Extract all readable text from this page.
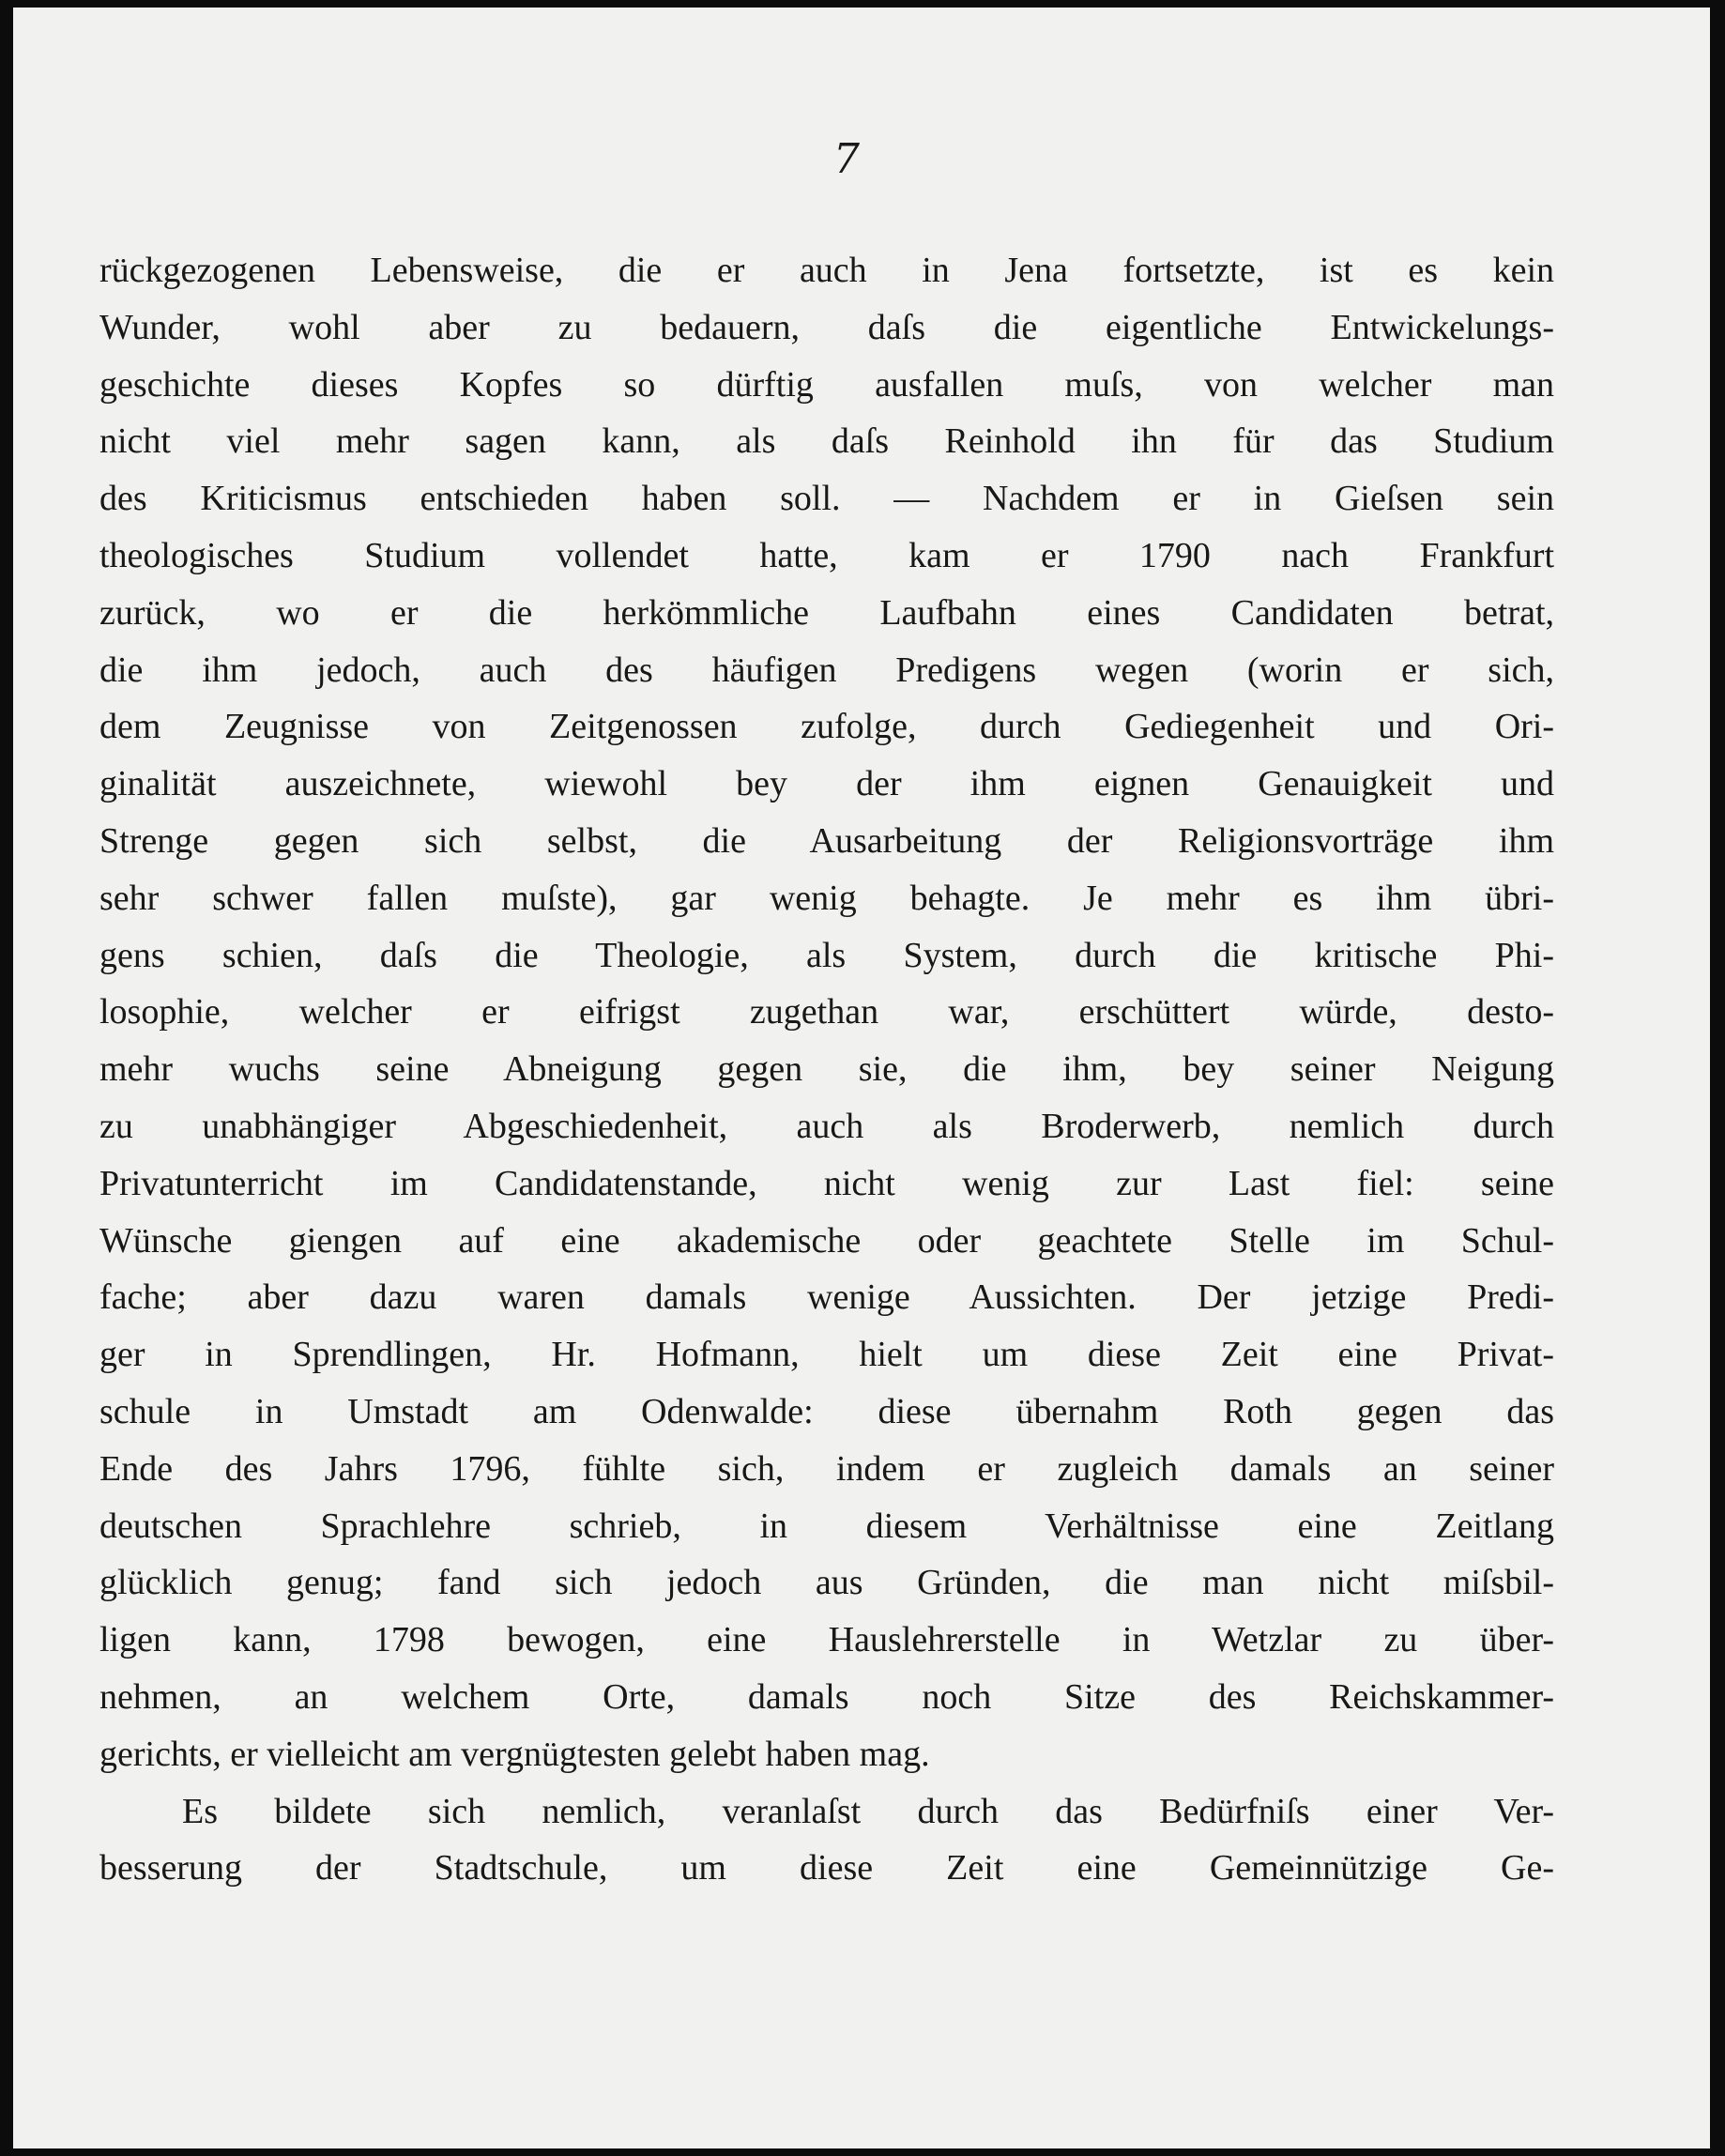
7
rückgezogenen Lebensweise, die er auch in Jena fortsetzte, ist es kein
Wunder, wohl aber zu bedauern, daſs die eigentliche Entwickelungs-
geschichte dieses Kopfes so dürftig ausfallen muſs, von welcher man
nicht viel mehr sagen kann, als daſs Reinhold ihn für das Studium
des Kriticismus entschieden haben soll. — Nachdem er in Gieſsen sein
theologisches Studium vollendet hatte, kam er 1790 nach Frankfurt
zurück, wo er die herkömmliche Laufbahn eines Candidaten betrat,
die ihm jedoch, auch des häufigen Predigens wegen (worin er sich,
dem Zeugnisse von Zeitgenossen zufolge, durch Gediegenheit und Ori-
ginalität auszeichnete, wiewohl bey der ihm eignen Genauigkeit und
Strenge gegen sich selbst, die Ausarbeitung der Religionsvorträge ihm
sehr schwer fallen muſste), gar wenig behagte. Je mehr es ihm übri-
gens schien, daſs die Theologie, als System, durch die kritische Phi-
losophie, welcher er eifrigst zugethan war, erschüttert würde, desto-
mehr wuchs seine Abneigung gegen sie, die ihm, bey seiner Neigung
zu unabhängiger Abgeschiedenheit, auch als Broderwerb, nemlich durch
Privatunterricht im Candidatenstande, nicht wenig zur Last fiel: seine
Wünsche giengen auf eine akademische oder geachtete Stelle im Schul-
fache; aber dazu waren damals wenige Aussichten. Der jetzige Predi-
ger in Sprendlingen, Hr. Hofmann, hielt um diese Zeit eine Privat-
schule in Umstadt am Odenwalde: diese übernahm Roth gegen das
Ende des Jahrs 1796, fühlte sich, indem er zugleich damals an seiner
deutschen Sprachlehre schrieb, in diesem Verhältnisse eine Zeitlang
glücklich genug; fand sich jedoch aus Gründen, die man nicht miſsbil-
ligen kann, 1798 bewogen, eine Hauslehrerstelle in Wetzlar zu über-
nehmen, an welchem Orte, damals noch Sitze des Reichskammer-
gerichts, er vielleicht am vergnügtesten gelebt haben mag.
Es bildete sich nemlich, veranlaſst durch das Bedürfniſs einer Ver-
besserung der Stadtschule, um diese Zeit eine Gemeinnützige Ge-
